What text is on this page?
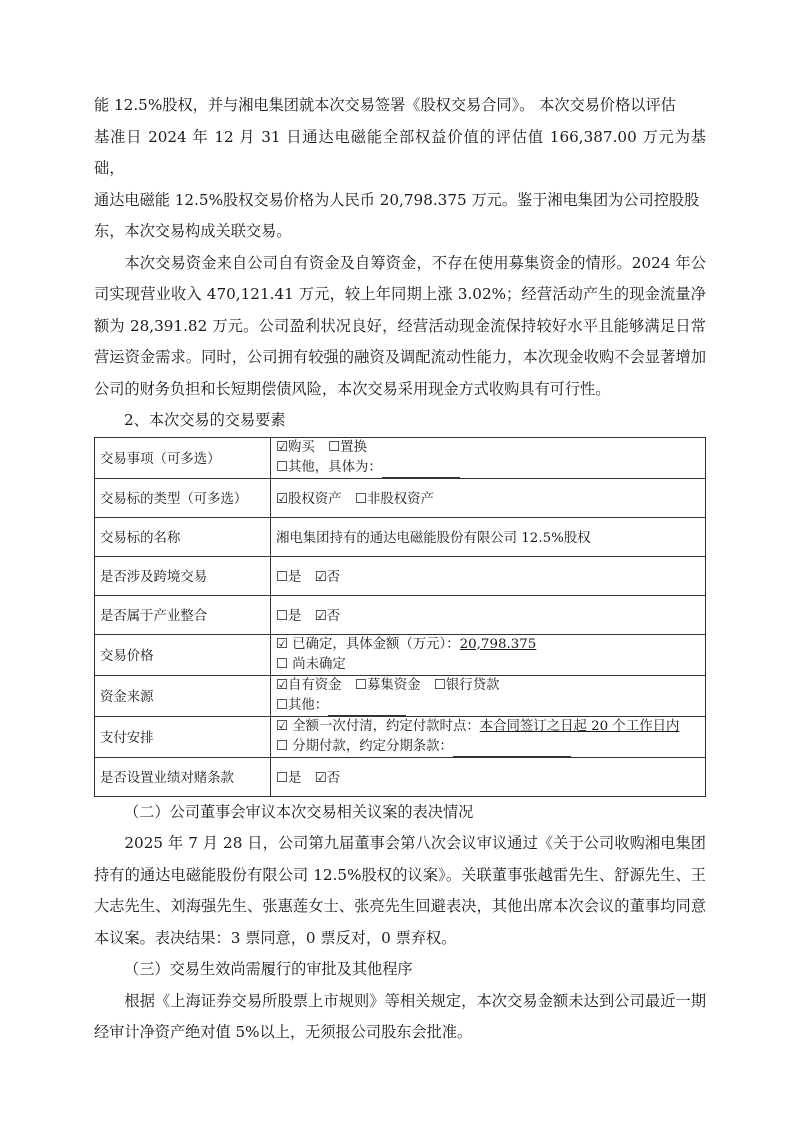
能 12.5%股权，并与湘电集团就本次交易签署《股权交易合同》。 本次交易价格以评估

基准日 2024 年 12 月 31 日通达电磁能全部权益价值的评估值 166,387.00 万元为基础，

通达电磁能 12.5%股权交易价格为人民币 20,798.375 万元。鉴于湘电集团为公司控股股

东，本次交易构成关联交易。

本次交易资金来自公司自有资金及自筹资金，不存在使用募集资金的情形。2024 年公司实现营业收入 470,121.41 万元，较上年同期上涨 3.02%；经营活动产生的现金流量净额为 28,391.82 万元。公司盈利状况良好，经营活动现金流保持较好水平且能够满足日常营运资金需求。同时，公司拥有较强的融资及调配流动性能力，本次现金收购不会显著增加公司的财务负担和长短期偿债风险，本次交易采用现金方式收购具有可行性。

2、本次交易的交易要素

交易事项（可多选）	☑购买　☐置换
☐其他，具体为：

交易标的类型（可多选）	☑股权资产　☐非股权资产
交易标的名称	湘电集团持有的通达电磁能股份有限公司 12.5%股权
是否涉及跨境交易	☐是　☑否
是否属于产业整合	☐是　☑否
交易价格	☑ 已确定，具体金额（万元）：20,798.375
☐ 尚未确定

资金来源	☑自有资金　☐募集资金　☐银行贷款
☐其他：

支付安排	☑ 全额一次付清，约定付款时点：本合同签订之日起 20 个工作日内
☐ 分期付款，约定分期条款：

是否设置业绩对赌条款	☐是　☑否

（二）公司董事会审议本次交易相关议案的表决情况

2025 年 7 月 28 日，公司第九届董事会第八次会议审议通过《关于公司收购湘电集团持有的通达电磁能股份有限公司 12.5%股权的议案》。关联董事张越雷先生、舒源先生、王大志先生、刘海强先生、张惠莲女士、张亮先生回避表决，其他出席本次会议的董事均同意本议案。表决结果：3 票同意，0 票反对，0 票弃权。

（三）交易生效尚需履行的审批及其他程序

根据《上海证券交易所股票上市规则》等相关规定，本次交易金额未达到公司最近一期经审计净资产绝对值 5%以上，无须报公司股东会批准。
